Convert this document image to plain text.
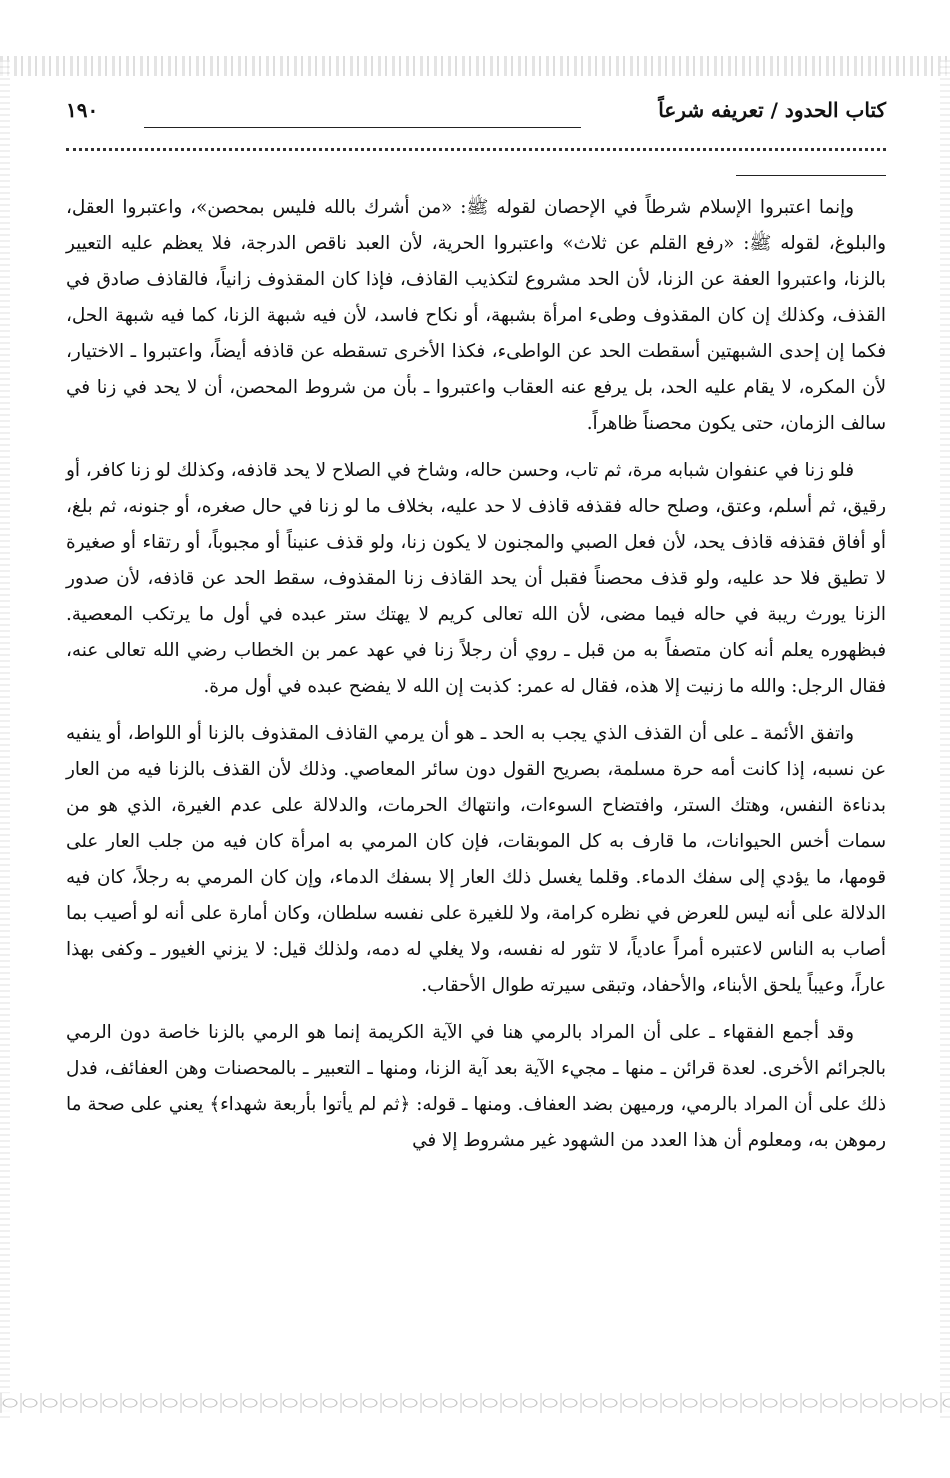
كتاب الحدود / تعريفه شرعاً
١٩٠

وإنما اعتبروا الإسلام شرطاً في الإحصان لقوله ﷺ: «من أشرك بالله فليس بمحصن»، واعتبروا العقل، والبلوغ، لقوله ﷺ: «رفع القلم عن ثلاث» واعتبروا الحرية، لأن العبد ناقص الدرجة، فلا يعظم عليه التعيير بالزنا، واعتبروا العفة عن الزنا، لأن الحد مشروع لتكذيب القاذف، فإذا كان المقذوف زانياً، فالقاذف صادق في القذف، وكذلك إن كان المقذوف وطىء امرأة بشبهة، أو نكاح فاسد، لأن فيه شبهة الزنا، كما فيه شبهة الحل، فكما إن إحدى الشبهتين أسقطت الحد عن الواطىء، فكذا الأخرى تسقطه عن قاذفه أيضاً، واعتبروا ـ الاختيار، لأن المكره، لا يقام عليه الحد، بل يرفع عنه العقاب واعتبروا ـ بأن من شروط المحصن، أن لا يحد في زنا في سالف الزمان، حتى يكون محصناً ظاهراً.

فلو زنا في عنفوان شبابه مرة، ثم تاب، وحسن حاله، وشاخ في الصلاح لا يحد قاذفه، وكذلك لو زنا كافر، أو رقيق، ثم أسلم، وعتق، وصلح حاله فقذفه قاذف لا حد عليه، بخلاف ما لو زنا في حال صغره، أو جنونه، ثم بلغ، أو أفاق فقذفه قاذف يحد، لأن فعل الصبي والمجنون لا يكون زنا، ولو قذف عنيناً أو مجبوباً، أو رتقاء أو صغيرة لا تطيق فلا حد عليه، ولو قذف محصناً فقبل أن يحد القاذف زنا المقذوف، سقط الحد عن قاذفه، لأن صدور الزنا يورث ريبة في حاله فيما مضى، لأن الله تعالى كريم لا يهتك ستر عبده في أول ما يرتكب المعصية. فبظهوره يعلم أنه كان متصفاً به من قبل ـ روي أن رجلاً زنا في عهد عمر بن الخطاب رضي الله تعالى عنه، فقال الرجل: والله ما زنيت إلا هذه، فقال له عمر: كذبت إن الله لا يفضح عبده في أول مرة.

واتفق الأئمة ـ على أن القذف الذي يجب به الحد ـ هو أن يرمي القاذف المقذوف بالزنا أو اللواط، أو ينفيه عن نسبه، إذا كانت أمه حرة مسلمة، بصريح القول دون سائر المعاصي. وذلك لأن القذف بالزنا فيه من العار بدناءة النفس، وهتك الستر، وافتضاح السوءات، وانتهاك الحرمات، والدلالة على عدم الغيرة، الذي هو من سمات أخس الحيوانات، ما قارف به كل الموبقات، فإن كان المرمي به امرأة كان فيه من جلب العار على قومها، ما يؤدي إلى سفك الدماء. وقلما يغسل ذلك العار إلا بسفك الدماء، وإن كان المرمي به رجلاً، كان فيه الدلالة على أنه ليس للعرض في نظره كرامة، ولا للغيرة على نفسه سلطان، وكان أمارة على أنه لو أصيب بما أصاب به الناس لاعتبره أمراً عادياً، لا تثور له نفسه، ولا يغلي له دمه، ولذلك قيل: لا يزني الغيور ـ وكفى بهذا عاراً، وعيباً يلحق الأبناء، والأحفاد، وتبقى سيرته طوال الأحقاب.

وقد أجمع الفقهاء ـ على أن المراد بالرمي هنا في الآية الكريمة إنما هو الرمي بالزنا خاصة دون الرمي بالجرائم الأخرى. لعدة قرائن ـ منها ـ مجيء الآية بعد آية الزنا، ومنها ـ التعبير ـ بالمحصنات وهن العفائف، فدل ذلك على أن المراد بالرمي، ورميهن بضد العفاف. ومنها ـ قوله: ﴿ثم لم يأتوا بأربعة شهداء﴾ يعني على صحة ما رموهن به، ومعلوم أن هذا العدد من الشهود غير مشروط إلا في
